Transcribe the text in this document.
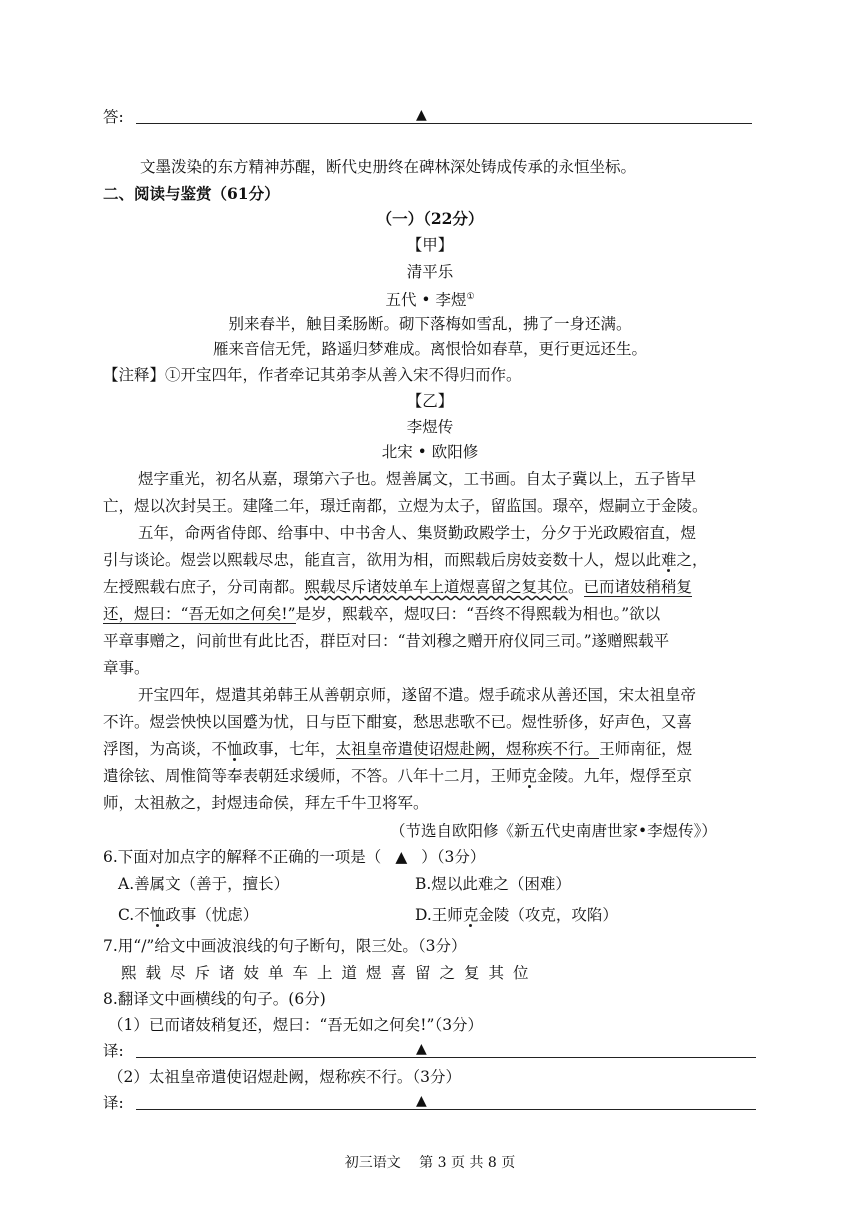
答:	▲
文墨泼染的东方精神苏醒，断代史册终在碑林深处铸成传承的永恒坐标。
二、阅读与鉴赏（61分）
（一）（22分）
【甲】
清平乐
五代 • 李煜①
别来春半，触目柔肠断。砌下落梅如雪乱，拂了一身还满。
雁来音信无凭，路遥归梦难成。离恨恰如春草，更行更远还生。
【注释】①开宝四年，作者牵记其弟李从善入宋不得归而作。
【乙】
李煜传
北宋 • 欧阳修
煜字重光，初名从嘉，璟第六子也。煜善属文，工书画。自太子冀以上，五子皆早
亡，煜以次封吴王。建隆二年，璟迁南都，立煜为太子，留监国。璟卒，煜嗣立于金陵。
五年，命两省侍郎、给事中、中书舍人、集贤勤政殿学士，分夕于光政殿宿直，煜
引与谈论。煜尝以熙载尽忠，能直言，欲用为相，而熙载后房妓妾数十人，煜以此难之，
左授熙载右庶子，分司南都。熙载尽斥诸妓单车上道煜喜留之复其位。已而诸妓稍稍复
还，煜曰：“吾无如之何矣!”是岁，熙载卒，煜叹曰：“吾终不得熙载为相也。”欲以
平章事赠之，问前世有此比否，群臣对曰：“昔刘穆之赠开府仪同三司。”遂赠熙载平
章事。
开宝四年，煜遣其弟韩王从善朝京师，遂留不遣。煜手疏求从善还国，宋太祖皇帝
不许。煜尝怏怏以国蹙为忧，日与臣下酣宴，愁思悲歌不已。煜性骄侈，好声色，又喜
浮图，为高谈，不恤政事，七年，太祖皇帝遣使诏煜赴阙，煜称疾不行。王师南征，煜
遣徐铉、周惟简等奉表朝廷求缓师，不答。八年十二月，王师克金陵。九年，煜俘至京
师，太祖赦之，封煜违命侯，拜左千牛卫将军。
（节选自欧阳修《新五代史南唐世家•李煜传》）
6.下面对加点字的解释不正确的一项是（ ▲ ）（3分）
A.善属文（善于，擅长）	B.煜以此难之（困难）
C.不恤政事（忧虑）	D.王师克金陵（攻克，攻陷）
7.用“/”给文中画波浪线的句子断句，限三处。（3分）
熙载尽斥诸妓单车上道煜喜留之复其位
8.翻译文中画横线的句子。(6分)
（1）已而诸妓稍复还，煜曰：“吾无如之何矣!”（3分）
译:	▲
（2）太祖皇帝遣使诏煜赴阙，煜称疾不行。（3分）
译:	▲
初三语文　 第 3 页 共 8 页
